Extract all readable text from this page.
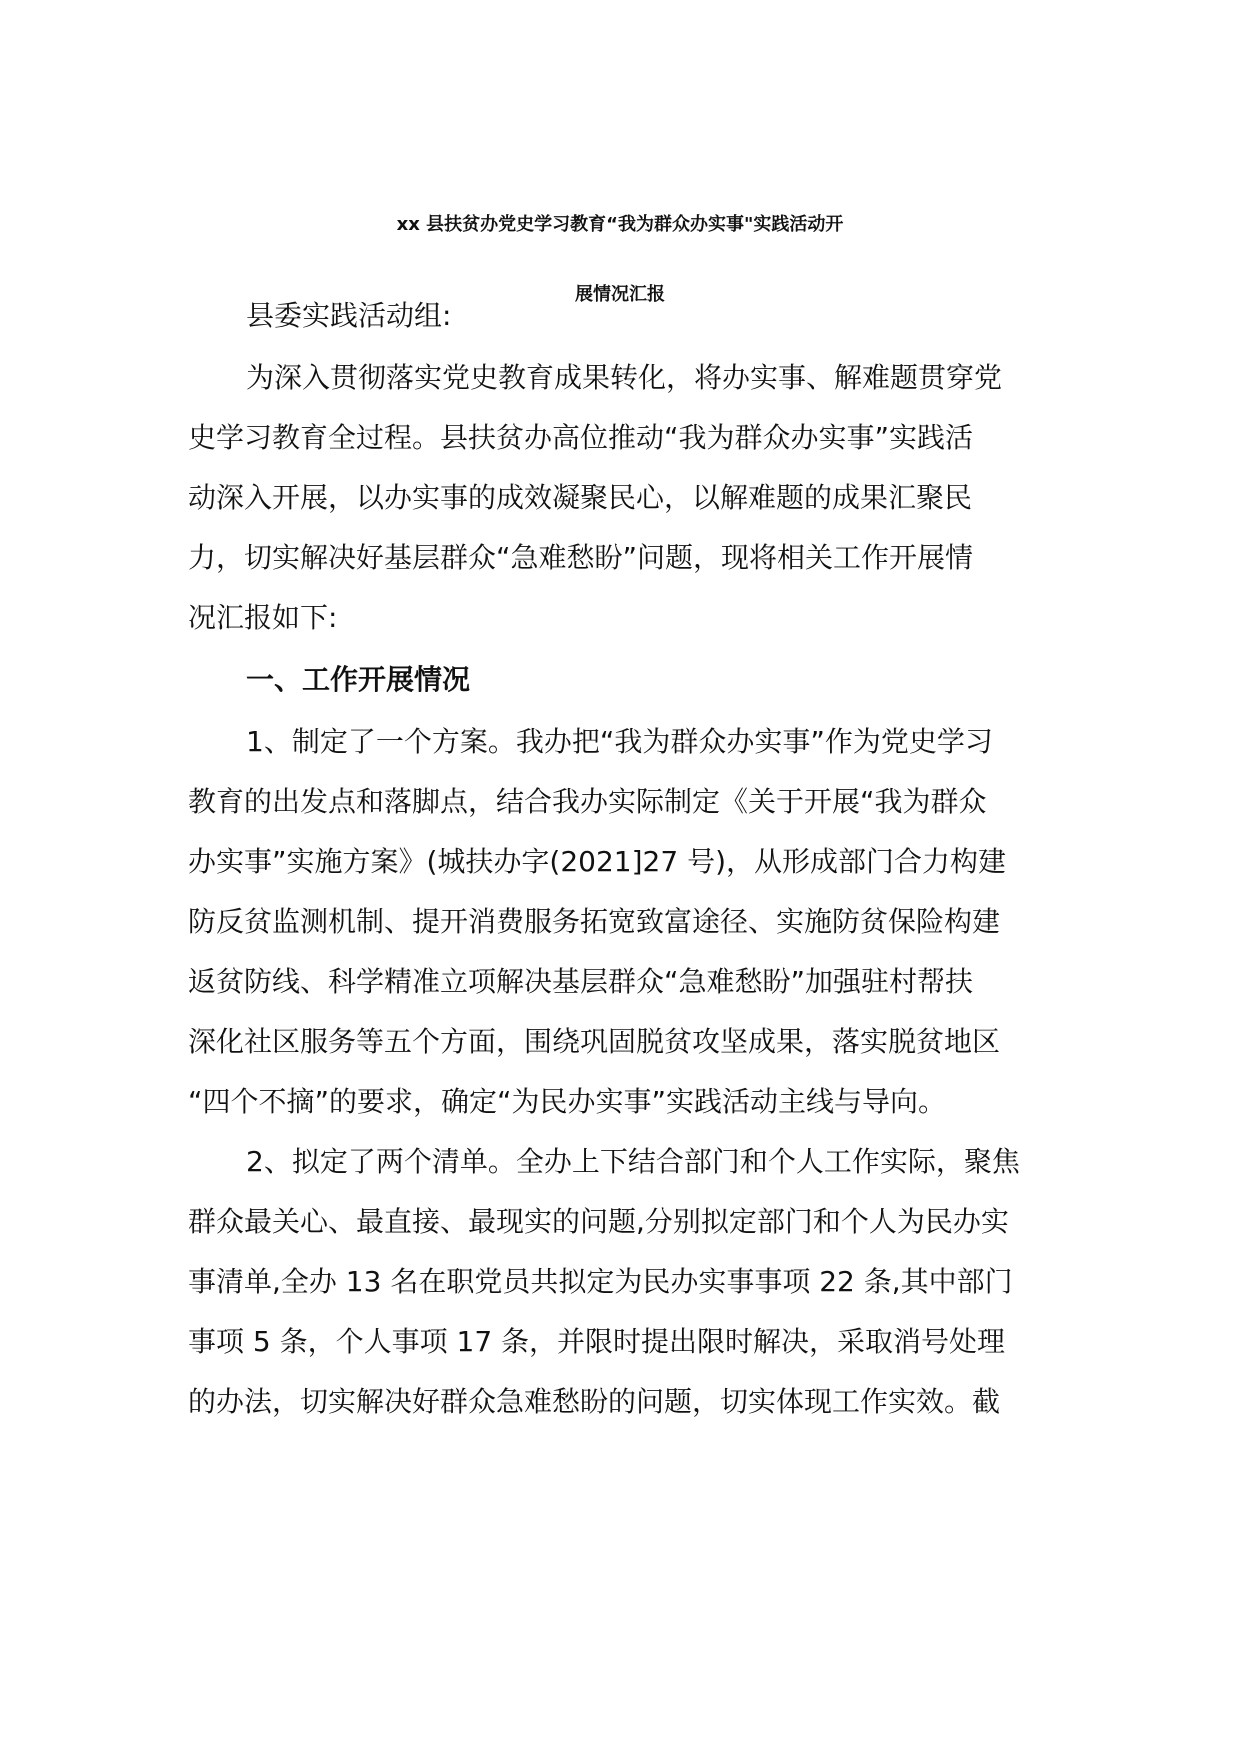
xx 县扶贫办党史学习教育“我为群众办实事"实践活动开
展情况汇报
县委实践活动组:
为深入贯彻落实党史教育成果转化，将办实事、解难题贯穿党
史学习教育全过程。县扶贫办高位推动“我为群众办实事”实践活
动深入开展，以办实事的成效凝聚民心，以解难题的成果汇聚民
力，切实解决好基层群众“急难愁盼”问题，现将相关工作开展情
况汇报如下:
一、工作开展情况
1、制定了一个方案。我办把“我为群众办实事”作为党史学习
教育的出发点和落脚点，结合我办实际制定《关于开展“我为群众
办实事”实施方案》(城扶办字(2021]27 号)，从形成部门合力构建
防反贫监测机制、提开消费服务拓宽致富途径、实施防贫保险构建
返贫防线、科学精准立项解决基层群众“急难愁盼”加强驻村帮扶
深化社区服务等五个方面，围绕巩固脱贫攻坚成果，落实脱贫地区
“四个不摘”的要求，确定“为民办实事”实践活动主线与导向。
2、拟定了两个清单。全办上下结合部门和个人工作实际，聚焦
群众最关心、最直接、最现实的问题,分别拟定部门和个人为民办实
事清单,全办 13 名在职党员共拟定为民办实事事项 22 条,其中部门
事项 5 条，个人事项 17 条，并限时提出限时解决，采取消号处理
的办法，切实解决好群众急难愁盼的问题，切实体现工作实效。截
